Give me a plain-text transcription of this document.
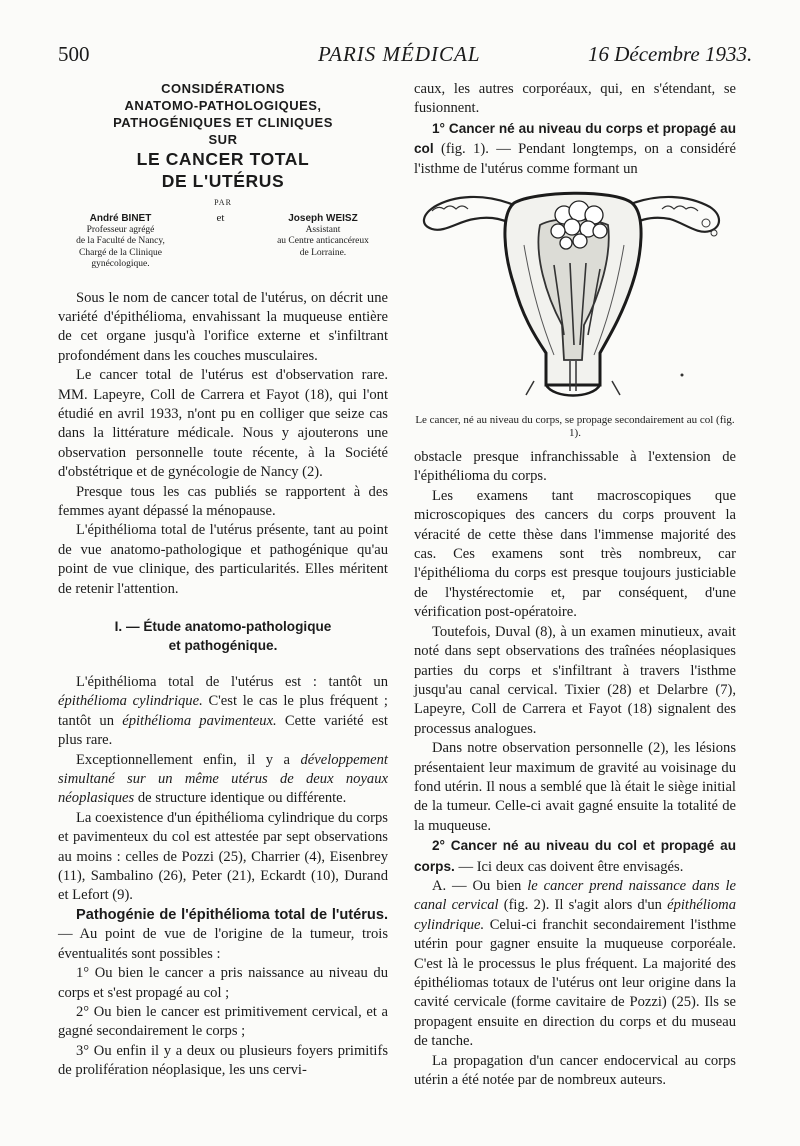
500	PARIS MÉDICAL	16 Décembre 1933.
CONSIDÉRATIONS
ANATOMO-PATHOLOGIQUES,
PATHOGÉNIQUES ET CLINIQUES
SUR
LE CANCER TOTAL
DE L'UTÉRUS
PAR
André BINET
Professeur agrégé
de la Faculté de Nancy,
Chargé de la Clinique
gynécologique.
et	Joseph WEISZ
Assistant
au Centre anticancéreux
de Lorraine.

Sous le nom de cancer total de l'utérus, on décrit une variété d'épithélioma, envahissant la muqueuse entière de cet organe jusqu'à l'orifice externe et s'infiltrant profondément dans les couches musculaires.

Le cancer total de l'utérus est d'observation rare. MM. Lapeyre, Coll de Carrera et Fayot (18), qui l'ont étudié en avril 1933, n'ont pu en colliger que seize cas dans la littérature médicale. Nous y ajouterons une observation personnelle toute récente, à la Société d'obstétrique et de gynécologie de Nancy (2).

Presque tous les cas publiés se rapportent à des femmes ayant dépassé la ménopause.

L'épithélioma total de l'utérus présente, tant au point de vue anatomo-pathologique et pathogénique qu'au point de vue clinique, des particularités. Elles méritent de retenir l'attention.

I. — Étude anatomo-pathologique
et pathogénique.

L'épithélioma total de l'utérus est : tantôt un épithélioma cylindrique. C'est le cas le plus fréquent ; tantôt un épithélioma pavimenteux. Cette variété est plus rare.

Exceptionnellement enfin, il y a développement simultané sur un même utérus de deux noyaux néoplasiques de structure identique ou différente.

La coexistence d'un épithélioma cylindrique du corps et pavimenteux du col est attestée par sept observations au moins : celles de Pozzi (25), Charrier (4), Eisenbrey (11), Sambalino (26), Peter (21), Eckardt (10), Durand et Lefort (9).

Pathogénie de l'épithélioma total de l'utérus. — Au point de vue de l'origine de la tumeur, trois éventualités sont possibles :

1° Ou bien le cancer a pris naissance au niveau du corps et s'est propagé au col ;

2° Ou bien le cancer est primitivement cervical, et a gagné secondairement le corps ;

3° Ou enfin il y a deux ou plusieurs foyers primitifs de prolifération néoplasique, les uns cervi-

caux, les autres corporéaux, qui, en s'étendant, se fusionnent.

1° Cancer né au niveau du corps et propagé au col (fig. 1). — Pendant longtemps, on a considéré l'isthme de l'utérus comme formant un

Le cancer, né au niveau du corps, se propage secondairement au col (fig. 1).

obstacle presque infranchissable à l'extension de l'épithélioma du corps.

Les examens tant macroscopiques que microscopiques des cancers du corps prouvent la véracité de cette thèse dans l'immense majorité des cas. Ces examens sont très nombreux, car l'épithélioma du corps est presque toujours justiciable de l'hystérectomie et, par conséquent, d'une vérification post-opératoire.

Toutefois, Duval (8), à un examen minutieux, avait noté dans sept observations des traînées néoplasiques parties du corps et s'infiltrant à travers l'isthme jusqu'au canal cervical. Tixier (28) et Delarbre (7), Lapeyre, Coll de Carrera et Fayot (18) signalent des processus analogues.

Dans notre observation personnelle (2), les lésions présentaient leur maximum de gravité au voisinage du fond utérin. Il nous a semblé que là était le siège initial de la tumeur. Celle-ci avait gagné ensuite la totalité de la muqueuse.

2° Cancer né au niveau du col et propagé au corps. — Ici deux cas doivent être envisagés.

A. — Ou bien le cancer prend naissance dans le canal cervical (fig. 2). Il s'agit alors d'un épithélioma cylindrique. Celui-ci franchit secondairement l'isthme utérin pour gagner ensuite la muqueuse corporéale. C'est là le processus le plus fréquent. La majorité des épithéliomas totaux de l'utérus ont leur origine dans la cavité cervicale (forme cavitaire de Pozzi) (25). Ils se propagent ensuite en direction du corps et du museau de tanche.

La propagation d'un cancer endocervical au corps utérin a été notée par de nombreux auteurs.
